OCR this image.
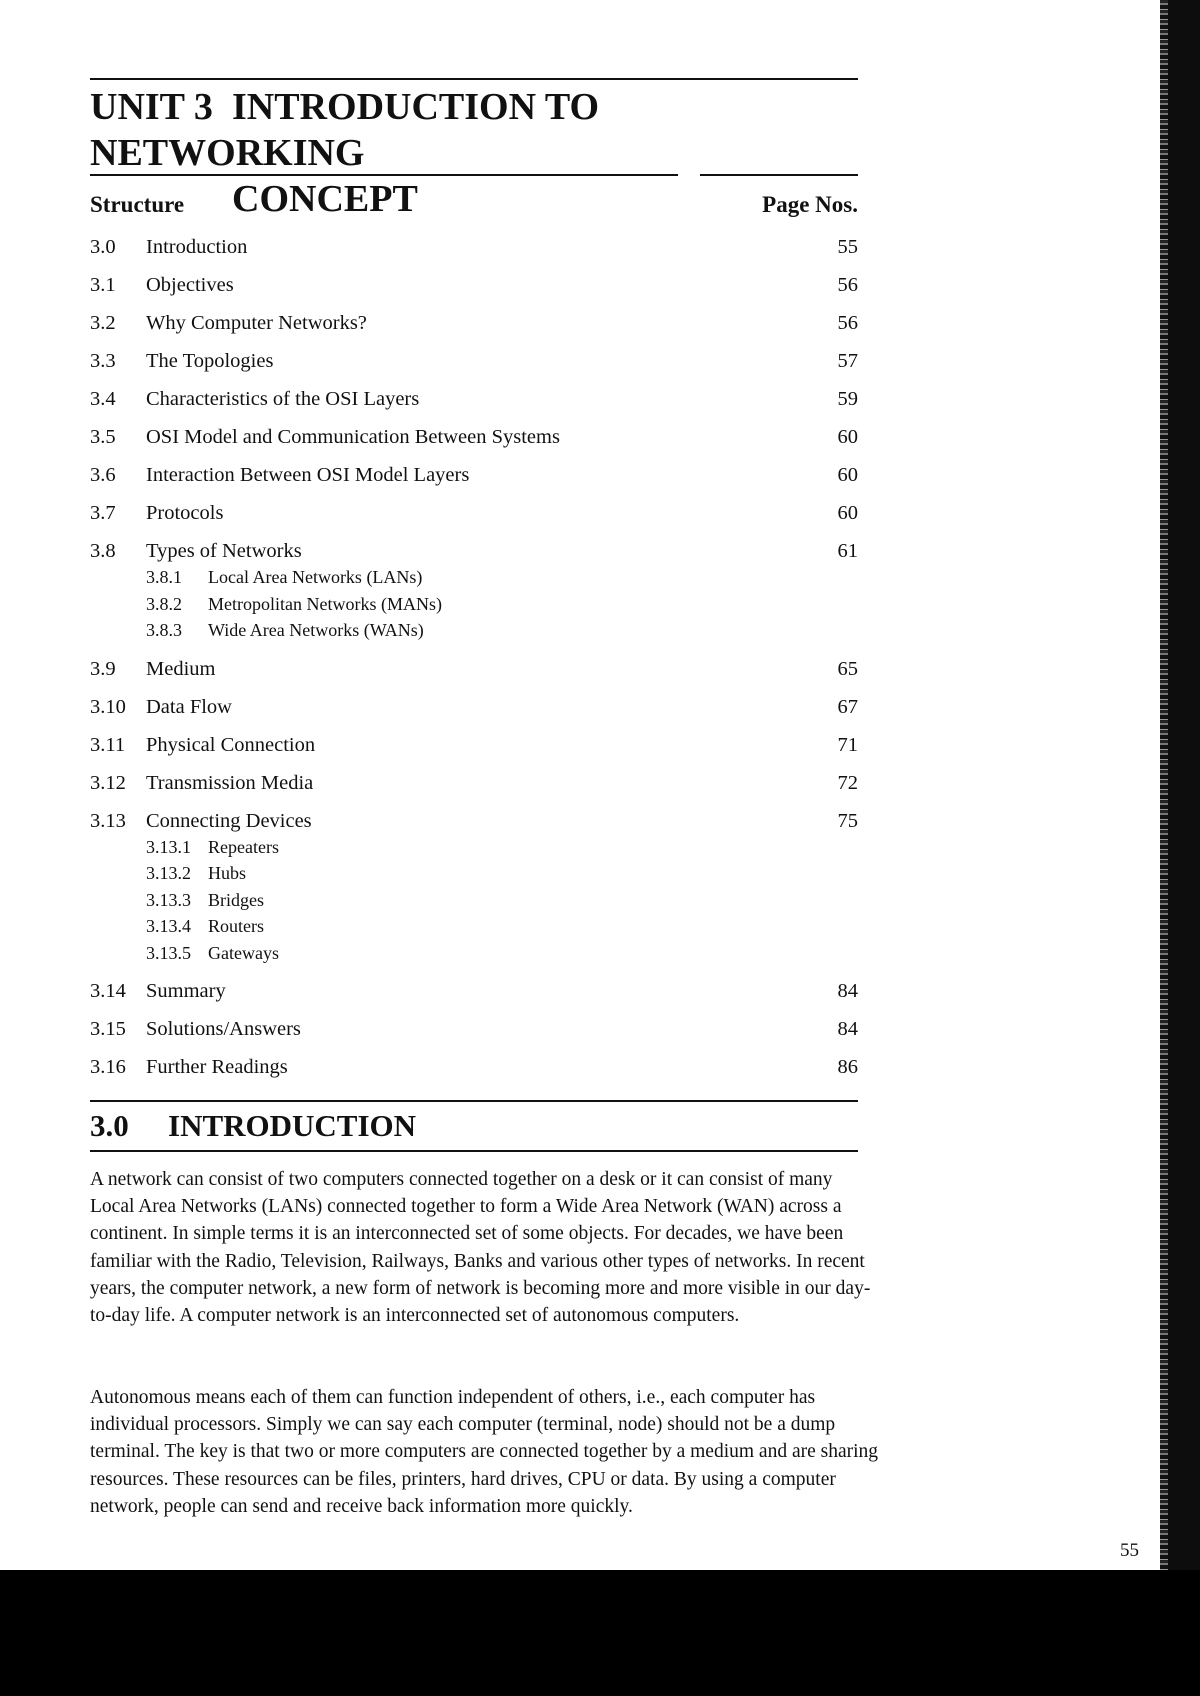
UNIT 3 INTRODUCTION TO NETWORKING
CONCEPT
Structure	Page Nos.
3.0 Introduction	55
3.1 Objectives	56
3.2 Why Computer Networks?	56
3.3 The Topologies	57
3.4 Characteristics of the OSI Layers	59
3.5 OSI Model and Communication Between Systems	60
3.6 Interaction Between OSI Model Layers	60
3.7 Protocols	60
3.8 Types of Networks	61
3.8.1 Local Area Networks (LANs)
3.8.2 Metropolitan Networks (MANs)
3.8.3 Wide Area Networks (WANs)
3.9 Medium	65
3.10 Data Flow	67
3.11 Physical Connection	71
3.12 Transmission Media	72
3.13 Connecting Devices	75
3.13.1 Repeaters
3.13.2 Hubs
3.13.3 Bridges
3.13.4 Routers
3.13.5 Gateways
3.14 Summary	84
3.15 Solutions/Answers	84
3.16 Further Readings	86
3.0 INTRODUCTION

A network can consist of two computers connected together on a desk or it can consist of many Local Area Networks (LANs) connected together to form a Wide Area Network (WAN) across a continent. In simple terms it is an interconnected set of some objects. For decades, we have been familiar with the Radio, Television, Railways, Banks and various other types of networks. In recent years, the computer network, a new form of network is becoming more and more visible in our day-to-day life. A computer network is an interconnected set of autonomous computers.

Autonomous means each of them can function independent of others, i.e., each computer has individual processors. Simply we can say each computer (terminal, node) should not be a dump terminal. The key is that two or more computers are connected together by a medium and are sharing resources. These resources can be files, printers, hard drives, CPU or data. By using a computer network, people can send and receive back information more quickly.

55
